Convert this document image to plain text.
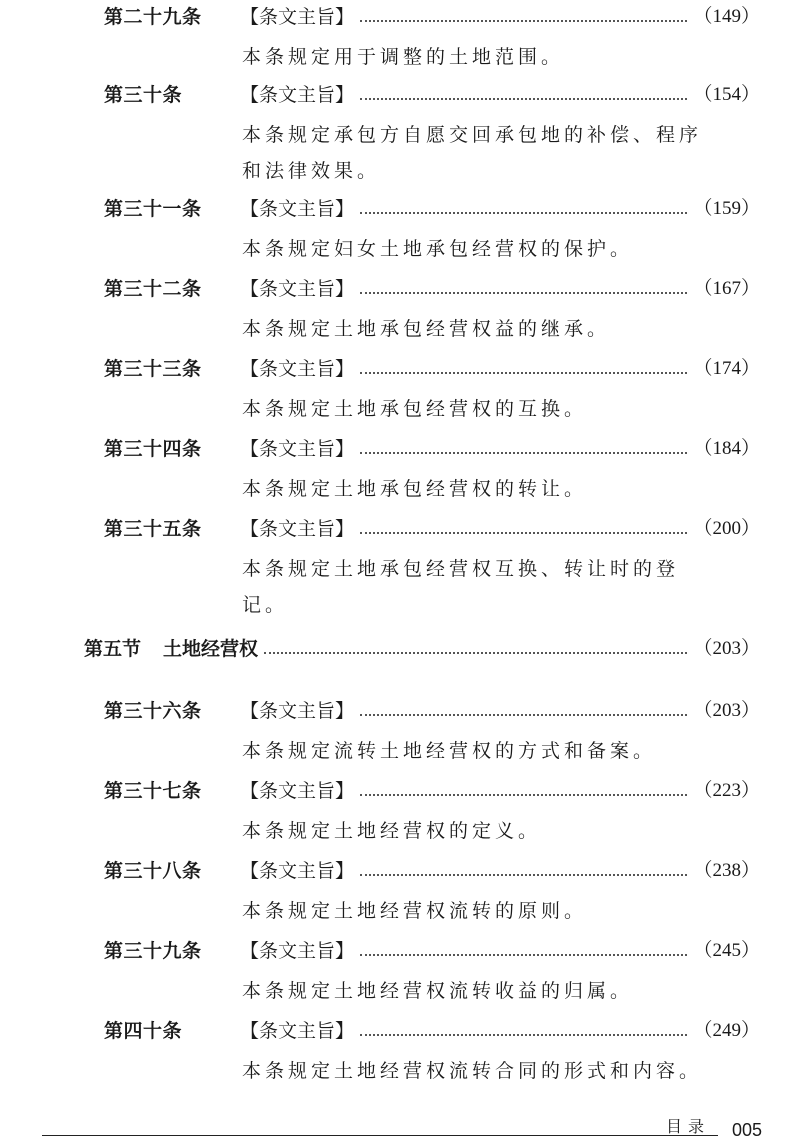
第二十九条 【条文主旨】	（149）

本条规定用于调整的土地范围。

第三十条	【条文主旨】	（154）

本条规定承包方自愿交回承包地的补偿、程序和法律效果。

第三十一条 【条文主旨】	（159）

本条规定妇女土地承包经营权的保护。

第三十二条 【条文主旨】	（167）

本条规定土地承包经营权益的继承。

第三十三条 【条文主旨】	（174）

本条规定土地承包经营权的互换。

第三十四条 【条文主旨】	（184）

本条规定土地承包经营权的转让。

第三十五条 【条文主旨】	（200）

本条规定土地承包经营权互换、转让时的登记。

第五节 土地经营权	（203）
第三十六条 【条文主旨】	（203）

本条规定流转土地经营权的方式和备案。

第三十七条 【条文主旨】	（223）

本条规定土地经营权的定义。

第三十八条 【条文主旨】	（238）

本条规定土地经营权流转的原则。

第三十九条 【条文主旨】	（245）

本条规定土地经营权流转收益的归属。

第四十条	【条文主旨】	（249）

本条规定土地经营权流转合同的形式和内容。

目录 005
